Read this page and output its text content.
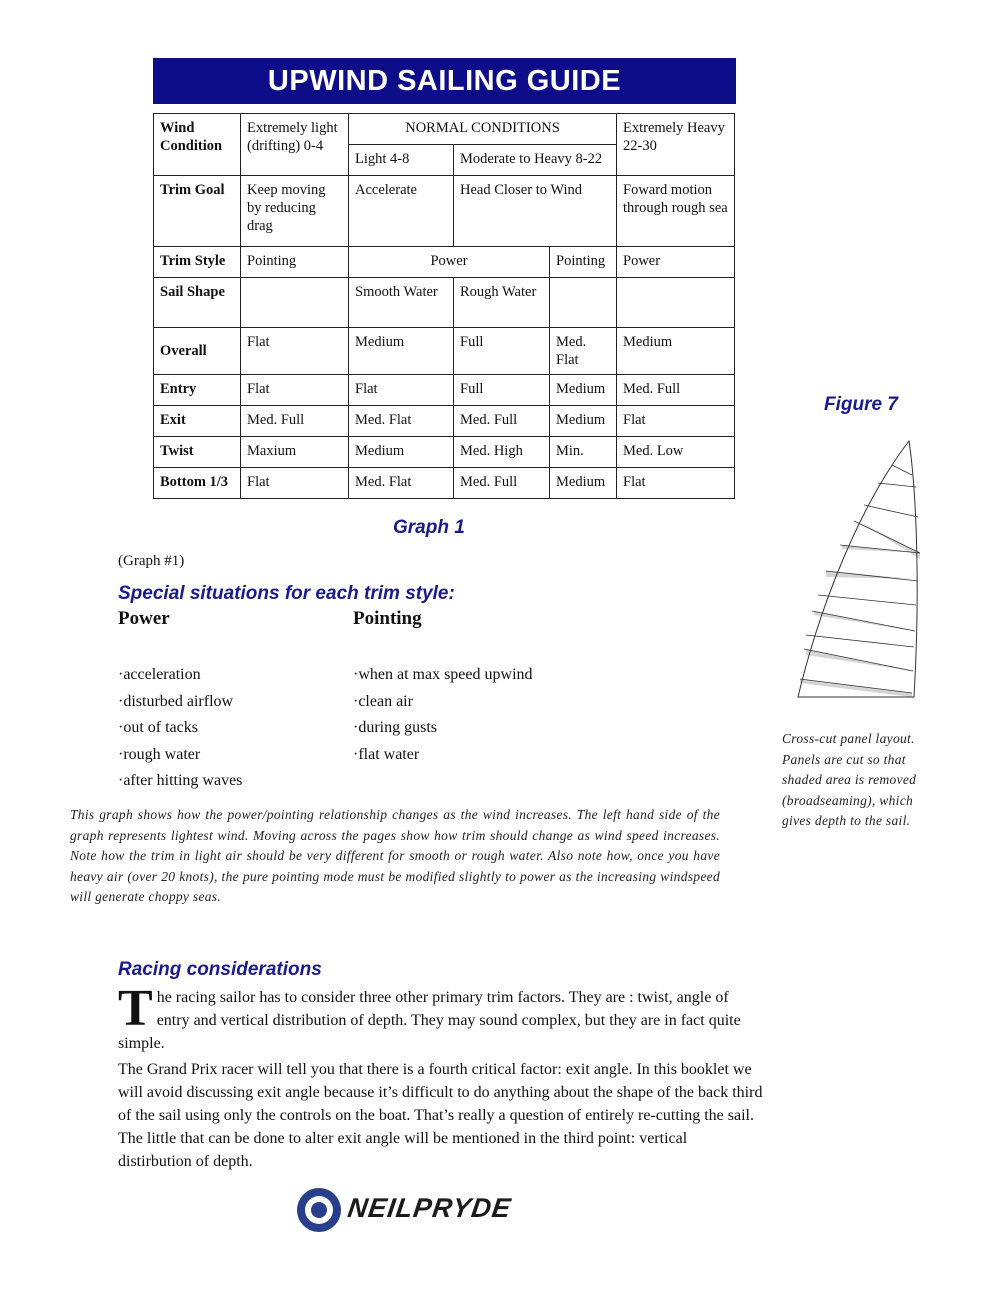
UPWIND SAILING GUIDE
Wind Condition	Extremely light (drifting) 0-4	NORMAL CONDITIONS			Extremely Heavy 22-30
		Light 4-8	Moderate to Heavy 8-22		
Trim Goal	Keep moving by reducing drag	Accelerate	Head Closer to Wind		Foward motion through rough sea
Trim Style	Pointing	Power		Pointing	Power
Sail Shape		Smooth Water	Rough Water		
Overall	Flat	Medium	Full	Med. Flat	Medium
Entry	Flat	Flat	Full	Medium	Med. Full
Exit	Med. Full	Med. Flat	Med. Full	Medium	Flat
Twist	Maxium	Medium	Med. High	Min.	Med. Low
Bottom 1/3	Flat	Med. Flat	Med. Full	Medium	Flat
Graph 1
(Graph #1)
Special situations for each trim style:
Power	Pointing
·acceleration
·disturbed airflow
·out of tacks
·rough water
·after hitting waves
·when at max speed upwind
·clean air
·during gusts
·flat water
This graph shows how the power/pointing relationship changes as the wind increases. The left hand side of the graph represents lightest wind. Moving across the pages show how trim should change as wind speed increases. Note how the trim in light air should be very different for smooth or rough water. Also note how, once you have heavy air (over 20 knots), the pure pointing mode must be modified slightly to power as the increasing windspeed will generate choppy seas.
Figure 7
Cross-cut panel layout. Panels are cut so that shaded area is removed (broadseaming), which gives depth to the sail.
Racing considerations
T he racing sailor has to consider three other primary trim factors. They are : twist, angle of entry and vertical distribution of depth. They may sound complex, but they are in fact quite simple.
The Grand Prix racer will tell you that there is a fourth critical factor: exit angle. In this booklet we will avoid discussing exit angle because it’s difficult to do anything about the shape of the back third of the sail using only the controls on the boat. That’s really a question of entirely re-cutting the sail. The little that can be done to alter exit angle will be mentioned in the third point: vertical distirbution of depth.
NEILPRYDE
